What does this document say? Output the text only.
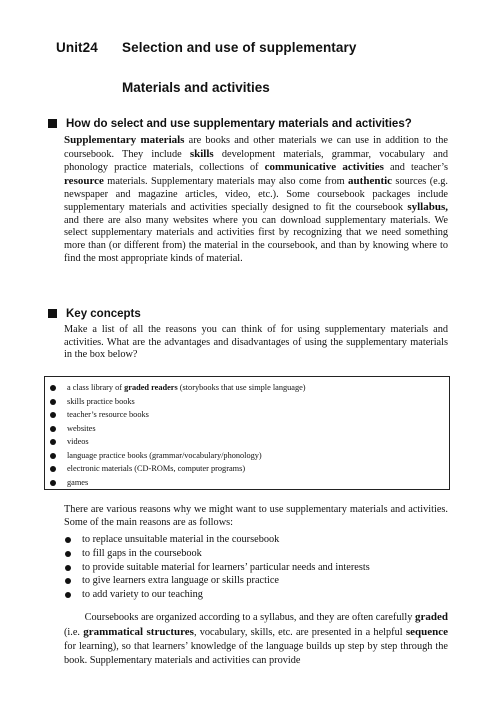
Unit24 Selection and use of supplementary
Materials and activities
How do select and use supplementary materials and activities?

Supplementary materials are books and other materials we can use in addition to the coursebook. They include skills development materials, grammar, vocabulary and phonology practice materials, collections of communicative activities and teacher’s resource materials. Supplementary materials may also come from authentic sources (e.g. newspaper and magazine articles, video, etc.). Some coursebook packages include supplementary materials and activities specially designed to fit the coursebook syllabus, and there are also many websites where you can download supplementary materials. We select supplementary materials and activities first by recognizing that we need something more than (or different from) the material in the coursebook, and than by knowing where to find the most appropriate kinds of material.

Key concepts

Make a list of all the reasons you can think of for using supplementary materials and activities. What are the advantages and disadvantages of using the supplementary materials in the box below?

a class library of graded readers (storybooks that use simple language)
skills practice books
teacher’s resource books
websites
videos
language practice books (grammar/vocabulary/phonology)
electronic materials (CD-ROMs, computer programs)
games

There are various reasons why we might want to use supplementary materials and activities. Some of the main reasons are as follows:

to replace unsuitable material in the coursebook
to fill gaps in the coursebook
to provide suitable material for learners’ particular needs and interests
to give learners extra language or skills practice
to add variety to our teaching

Coursebooks are organized according to a syllabus, and they are often carefully graded (i.e. grammatical structures, vocabulary, skills, etc. are presented in a helpful sequence for learning), so that learners’ knowledge of the language builds up step by step through the book. Supplementary materials and activities can provide
